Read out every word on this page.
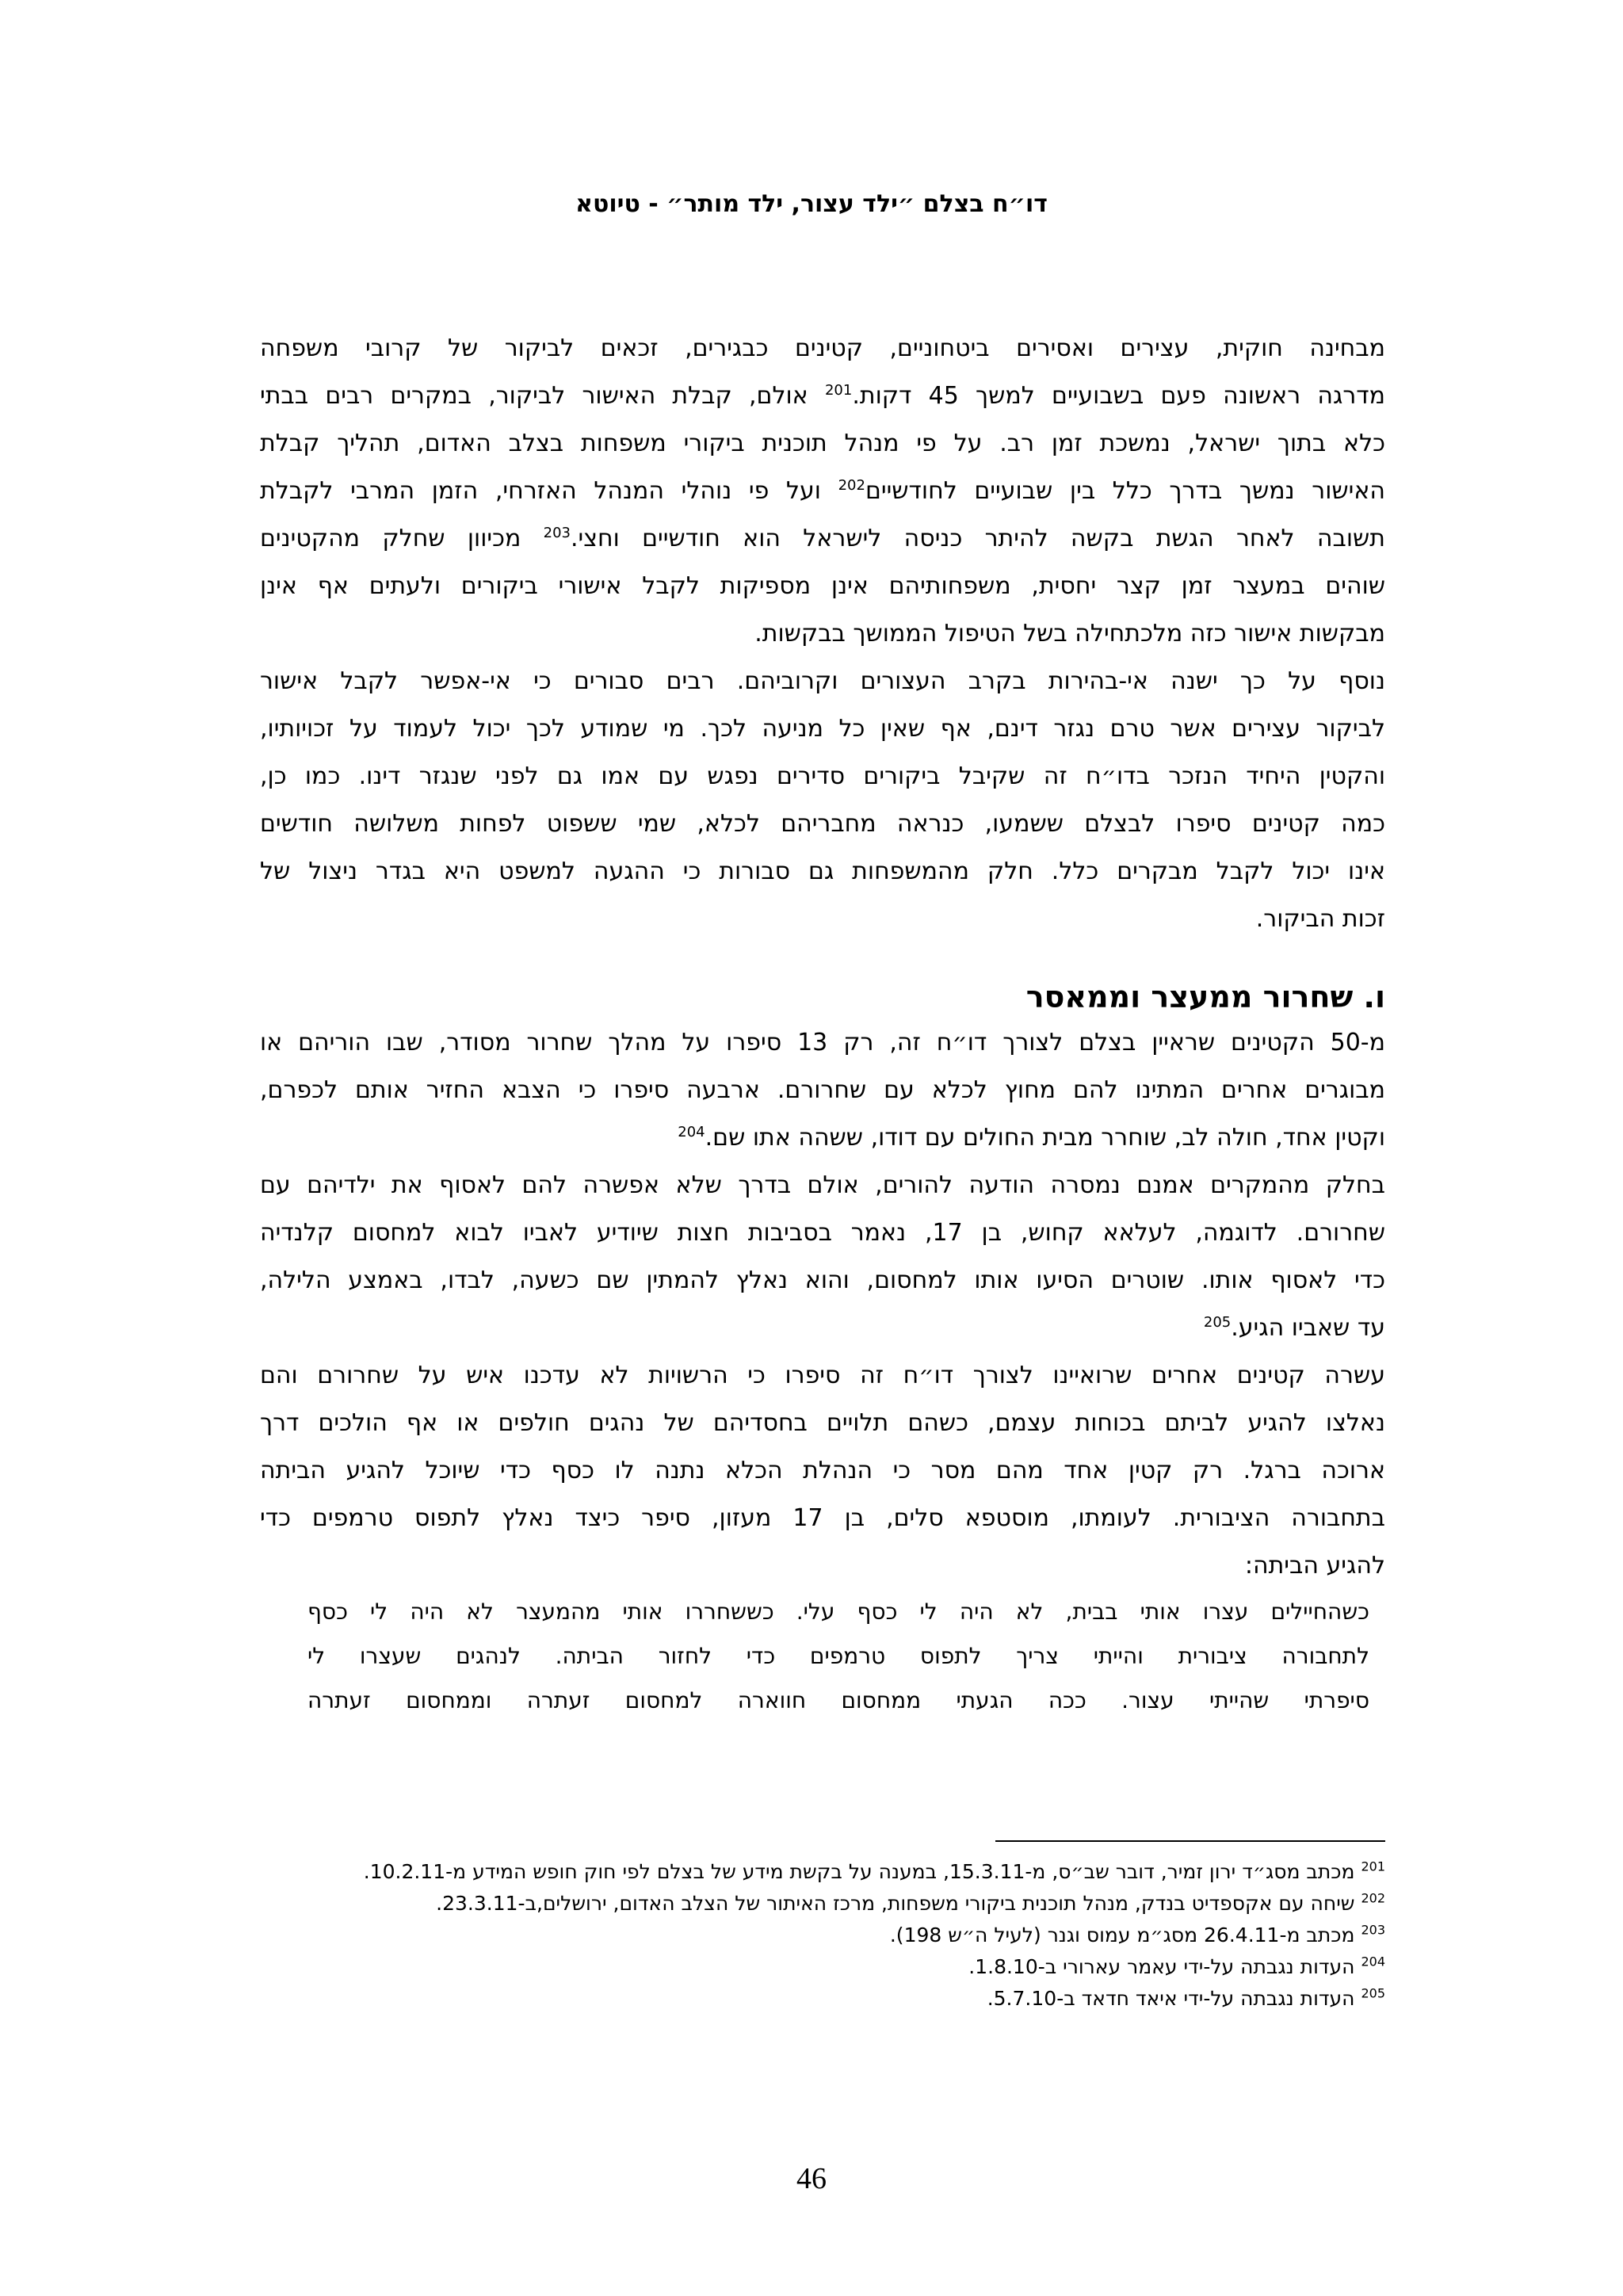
דו״ח בצלם ״ילד עצור, ילד מותר״ - טיוטא
מבחינה חוקית, עצירים ואסירים ביטחוניים, קטינים כבגירים, זכאים לביקור של קרובי משפחה
מדרגה ראשונה פעם בשבועיים למשך 45 דקות.$^{201}$ אולם, קבלת האישור לביקור, במקרים רבים בבתי
כלא בתוך ישראל, נמשכת זמן רב. על פי מנהל תוכנית ביקורי משפחות בצלב האדום, תהליך קבלת
האישור נמשך בדרך כלל בין שבועיים לחודשיים$^{202}$ ועל פי נוהלי המנהל האזרחי, הזמן המרבי לקבלת
תשובה לאחר הגשת בקשה להיתר כניסה לישראל הוא חודשיים וחצי.$^{203}$ מכיוון שחלק מהקטינים
שוהים במעצר זמן קצר יחסית, משפחותיהם אינן מספיקות לקבל אישורי ביקורים ולעתים אף אינן
מבקשות אישור כזה מלכתחילה בשל הטיפול הממושך בבקשות.
נוסף על כך ישנה אי-בהירות בקרב העצורים וקרוביהם. רבים סבורים כי אי-אפשר לקבל אישור
לביקור עצירים אשר טרם נגזר דינם, אף שאין כל מניעה לכך. מי שמודע לכך יכול לעמוד על זכויותיו,
והקטין היחיד הנזכר בדו״ח זה שקיבל ביקורים סדירים נפגש עם אמו גם לפני שנגזר דינו. כמו כן,
כמה קטינים סיפרו לבצלם ששמעו, כנראה מחבריהם לכלא, שמי ששפוט לפחות משלושה חודשים
אינו יכול לקבל מבקרים כלל. חלק מהמשפחות גם סבורות כי ההגעה למשפט היא בגדר ניצול של
זכות הביקור.
ו. שחרור ממעצר וממאסר
מ-50 הקטינים שראיין בצלם לצורך דו״ח זה, רק 13 סיפרו על מהלך שחרור מסודר, שבו הוריהם או
מבוגרים אחרים המתינו להם מחוץ לכלא עם שחרורם. ארבעה סיפרו כי הצבא החזיר אותם לכפרם,
וקטין אחד, חולה לב, שוחרר מבית החולים עם דודו, ששהה אתו שם.$^{204}$
בחלק מהמקרים אמנם נמסרה הודעה להורים, אולם בדרך שלא אפשרה להם לאסוף את ילדיהם עם
שחרורם. לדוגמה, לעלאא קחוש, בן 17, נאמר בסביבות חצות שיודיע לאביו לבוא למחסום קלנדיה
כדי לאסוף אותו. שוטרים הסיעו אותו למחסום, והוא נאלץ להמתין שם כשעה, לבדו, באמצע הלילה,
עד שאביו הגיע.$^{205}$
עשרה קטינים אחרים שרואיינו לצורך דו״ח זה סיפרו כי הרשויות לא עדכנו איש על שחרורם והם
נאלצו להגיע לביתם בכוחות עצמם, כשהם תלויים בחסדיהם של נהגים חולפים או אף הולכים דרך
ארוכה ברגל. רק קטין אחד מהם מסר כי הנהלת הכלא נתנה לו כסף כדי שיוכל להגיע הביתה
בתחבורה הציבורית. לעומתו, מוסטפא סלים, בן 17 מעזון, סיפר כיצד נאלץ לתפוס טרמפים כדי
להגיע הביתה:
כשהחיילים עצרו אותי בבית, לא היה לי כסף עלי. כששחררו אותי מהמעצר לא היה לי כסף
לתחבורה ציבורית והייתי צריך לתפוס טרמפים כדי לחזור הביתה. לנהגים שעצרו לי
סיפרתי שהייתי עצור. ככה הגעתי ממחסום חווארה למחסום זעתרה וממחסום זעתרה
$^{201}$ מכתב מסג״ד ירון זמיר, דובר שב״ס, מ-15.3.11, במענה על בקשת מידע של בצלם לפי חוק חופש המידע מ-10.2.11.
$^{202}$ שיחה עם אקספדיט בנדק, מנהל תוכנית ביקורי משפחות, מרכז האיתור של הצלב האדום, ירושלים,ב-23.3.11.
$^{203}$ מכתב מ-26.4.11 מסג״מ עמוס וגנר (לעיל ה״ש 198).
$^{204}$ העדות נגבתה על-ידי עאמר עארורי ב-1.8.10.
$^{205}$ העדות נגבתה על-ידי איאד חדאד ב-5.7.10.
46
